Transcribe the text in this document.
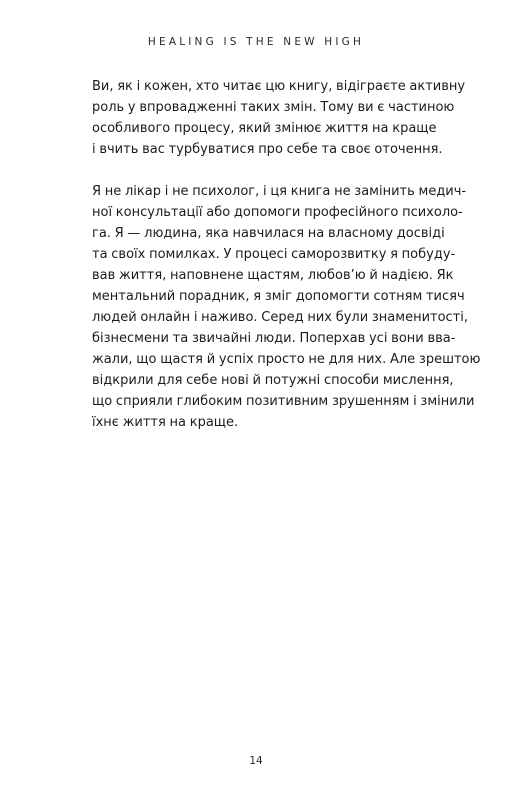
HEALING IS THE NEW HIGH

Ви, як і кожен, хто читає цю книгу, відіграєте активну
роль у впровадженні таких змін. Тому ви є частиною
особливого процесу, який змінює життя на краще
і вчить вас турбуватися про себе та своє оточення.

Я не лікар і не психолог, і ця книга не замінить медич-
ної консультації або допомоги професійного психоло-
га. Я — людина, яка навчилася на власному досвіді
та своїх помилках. У процесі саморозвитку я побуду-
вав життя, наповнене щастям, любов’ю й надією. Як
ментальний порадник, я зміг допомогти сотням тисяч
людей онлайн і наживо. Серед них були знаменитості,
бізнесмени та звичайні люди. Поперхав усі вони вва-
жали, що щастя й успіх просто не для них. Але зрештою
відкрили для себе нові й потужні способи мислення,
що сприяли глибоким позитивним зрушенням і змінили
їхнє життя на краще.

14
